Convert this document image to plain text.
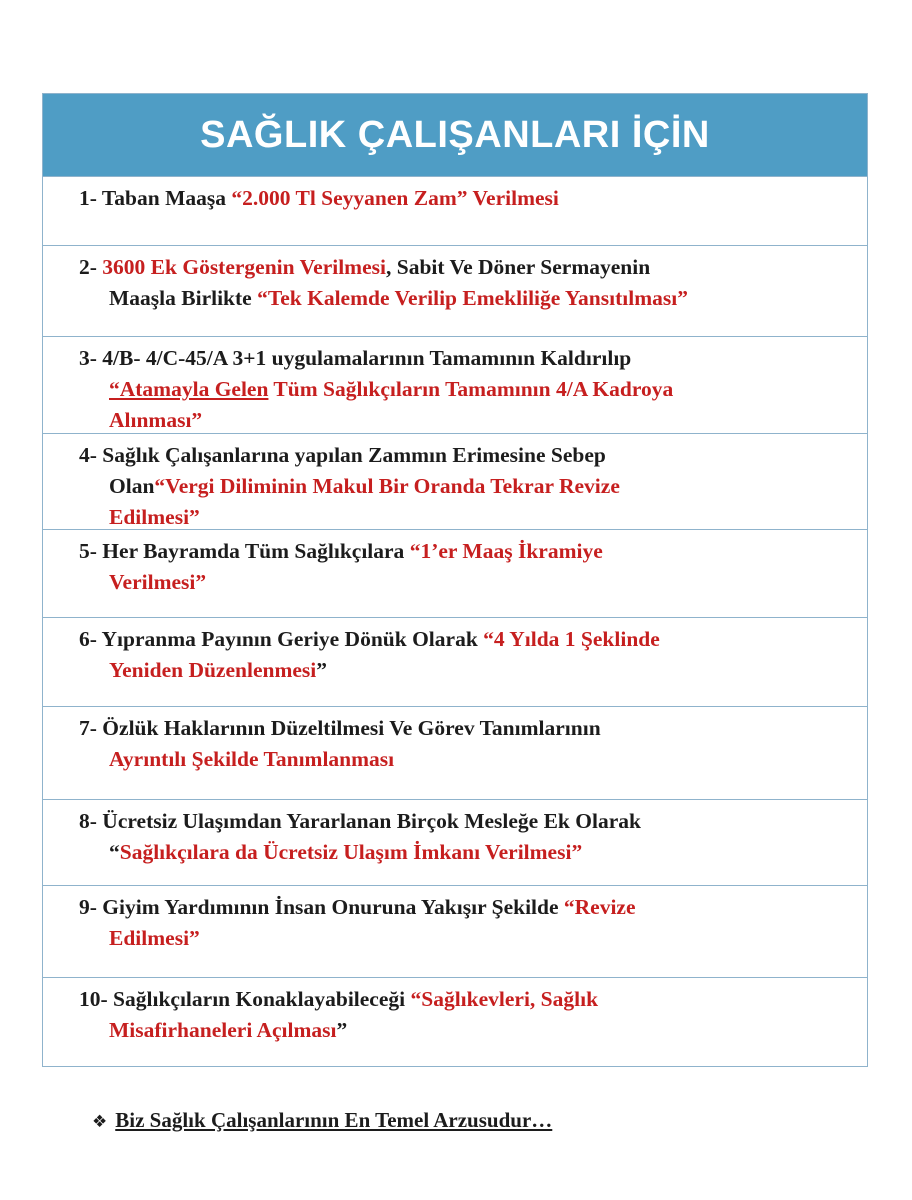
SAĞLIK ÇALIŞANLARI İÇİN
1- Taban Maaşa “2.000 Tl Seyyanen Zam” Verilmesi
2- 3600 Ek Göstergenin Verilmesi, Sabit Ve Döner Sermayenin
Maaşla Birlikte “Tek Kalemde Verilip Emekliliğe Yansıtılması”
3- 4/B- 4/C-45/A 3+1 uygulamalarının Tamamının Kaldırılıp
“Atamayla Gelen Tüm Sağlıkçıların Tamamının 4/A Kadroya
Alınması”
4- Sağlık Çalışanlarına yapılan Zammın Erimesine Sebep
Olan“Vergi Diliminin Makul Bir Oranda Tekrar Revize
Edilmesi”
5- Her Bayramda Tüm Sağlıkçılara “1’er Maaş İkramiye
Verilmesi”
6- Yıpranma Payının Geriye Dönük Olarak “4 Yılda 1 Şeklinde
Yeniden Düzenlenmesi”
7- Özlük Haklarının Düzeltilmesi Ve Görev Tanımlarının
Ayrıntılı Şekilde Tanımlanması
8- Ücretsiz Ulaşımdan Yararlanan Birçok Mesleğe Ek Olarak
“Sağlıkçılara da Ücretsiz Ulaşım İmkanı Verilmesi”
9- Giyim Yardımının İnsan Onuruna Yakışır Şekilde “Revize
Edilmesi”
10- Sağlıkçıların Konaklayabileceği “Sağlıkevleri, Sağlık
Misafirhaneleri Açılması”
❖ Biz Sağlık Çalışanlarının En Temel Arzusudur…
